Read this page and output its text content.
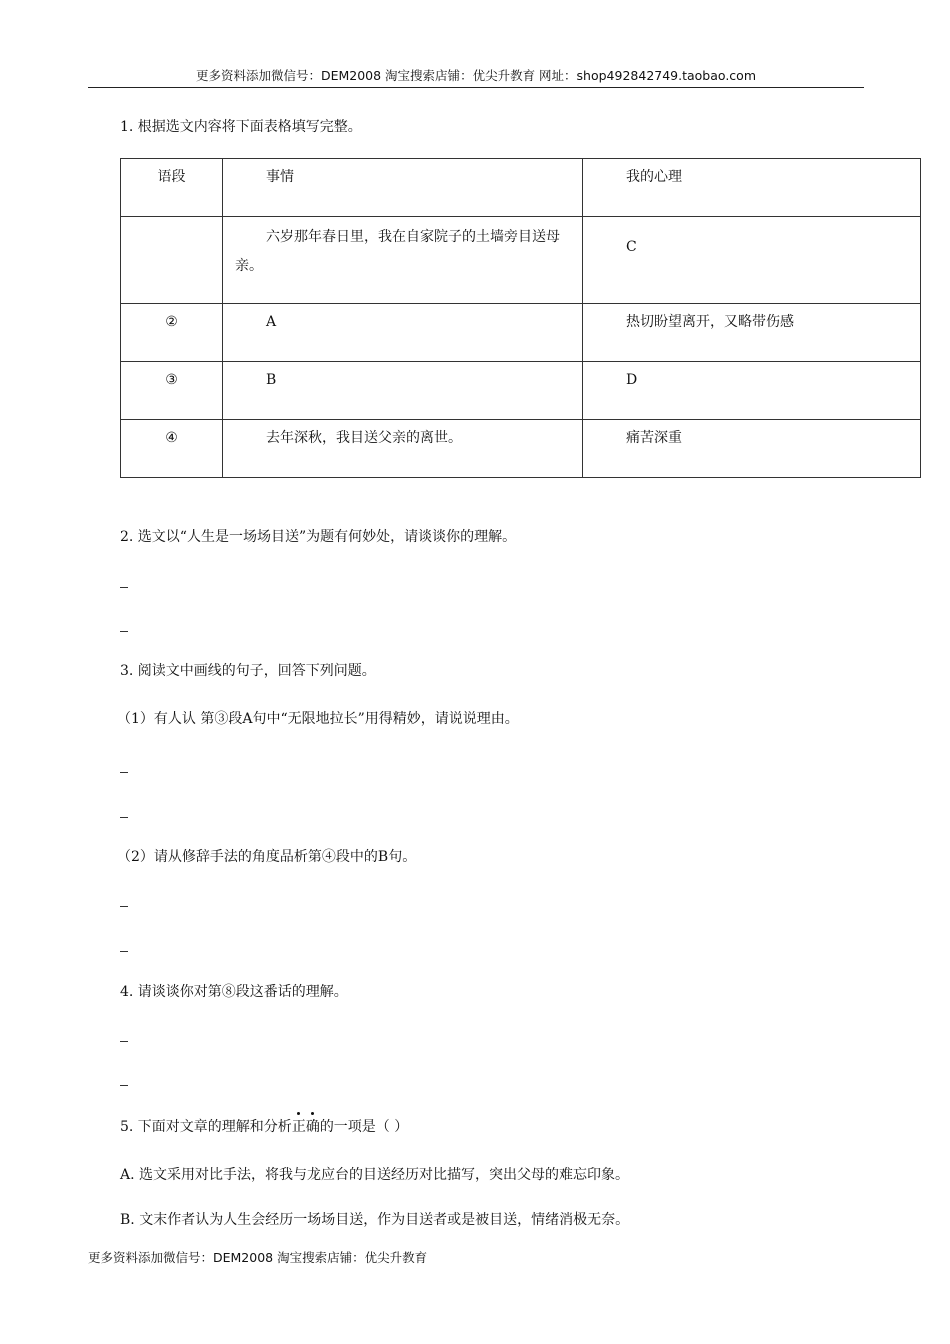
更多资料添加微信号：DEM2008 淘宝搜索店铺：优尖升教育 网址：shop492842749.taobao.com
1. 根据选文内容将下面表格填写完整。
语段	事情	我的心理
	六岁那年春日里，我在自家院子的土墙旁目送母亲。	C
②	A	热切盼望离开，又略带伤感
③	B	D
④	去年深秋，我目送父亲的离世。	痛苦深重
2. 选文以“人生是一场场目送”为题有何妙处，请谈谈你的理解。
3. 阅读文中画线的句子，回答下列问题。
（1）有人认 第③段A句中“无限地拉长”用得精妙，请说说理由。
（2）请从修辞手法的角度品析第④段中的B句。
4. 请谈谈你对第⑧段这番话的理解。
5. 下面对文章的理解和分析正确的一项是（ ）
A. 选文采用对比手法，将我与龙应台的目送经历对比描写，突出父母的难忘印象。
B. 文末作者认为人生会经历一场场目送，作为目送者或是被目送，情绪消极无奈。
更多资料添加微信号：DEM2008 淘宝搜索店铺：优尖升教育
